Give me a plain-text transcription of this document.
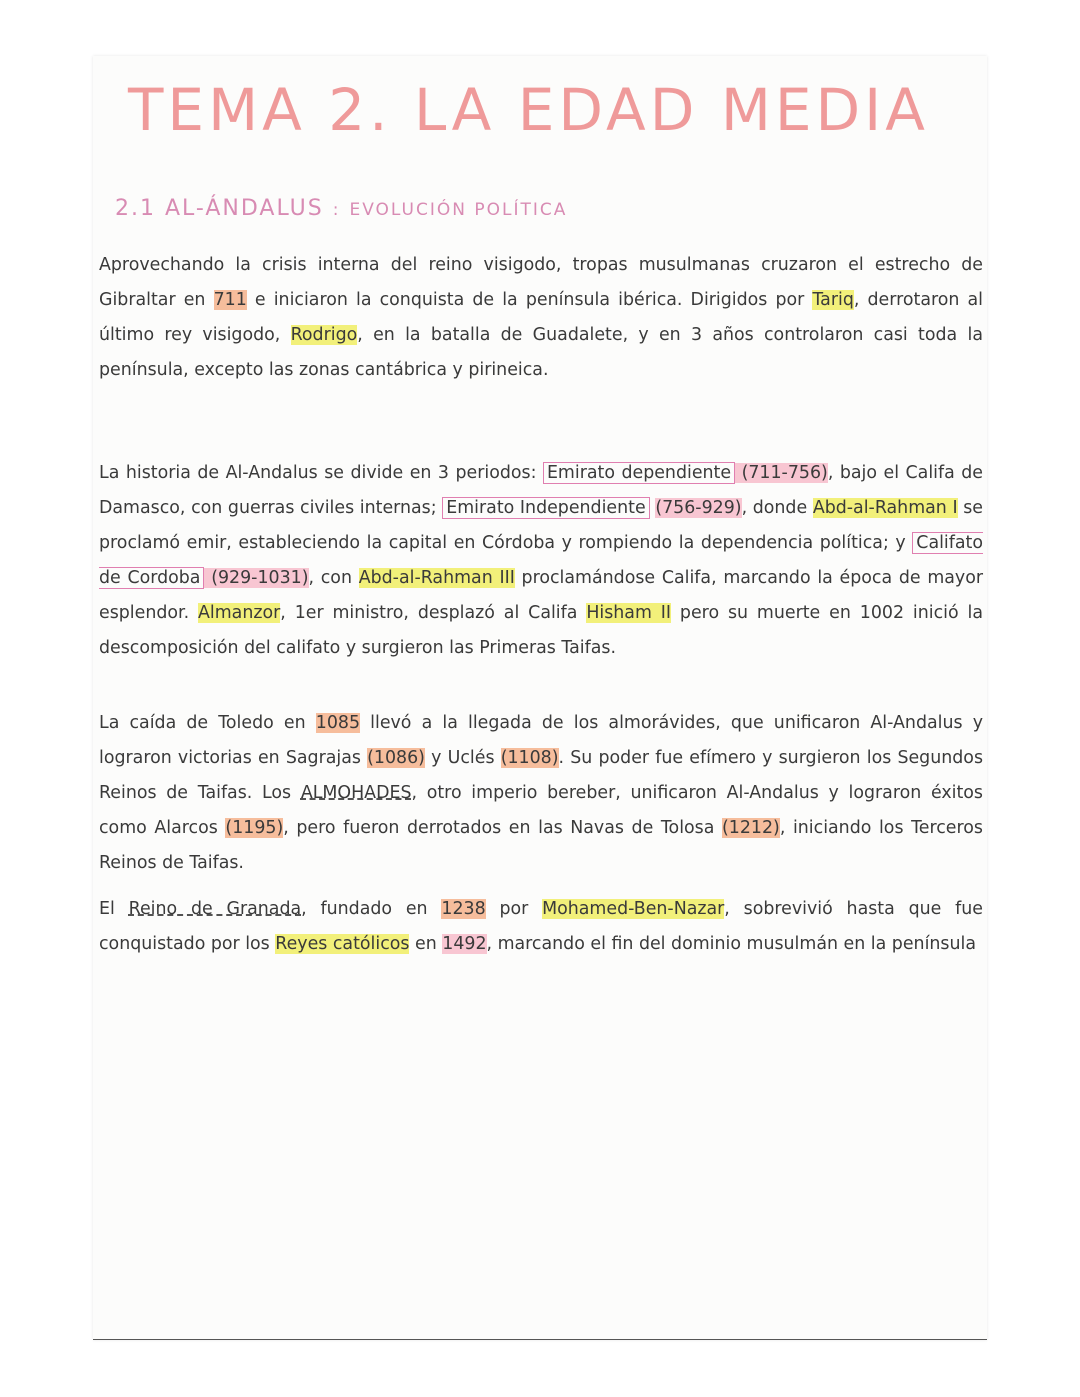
TEMA 2. LA EDAD MEDIA
2.1 AL-ÁNDALUS : EVOLUCIÓN POLÍTICA
Aprovechando la crisis interna del reino visigodo, tropas musulmanas cruzaron el estrecho de Gibraltar en 711 e iniciaron la conquista de la península ibérica. Dirigidos por Tariq, derrotaron al último rey visigodo, Rodrigo, en la batalla de Guadalete, y en 3 años controlaron casi toda la península, excepto las zonas cantábrica y pirineica.
La historia de Al-Andalus se divide en 3 periodos: Emirato dependiente (711-756), bajo el Califa de Damasco, con guerras civiles internas; Emirato Independiente (756-929), donde Abd-al-Rahman I se proclamó emir, estableciendo la capital en Córdoba y rompiendo la dependencia política; y Califato de Cordoba (929-1031), con Abd-al-Rahman III proclamándose Califa, marcando la época de mayor esplendor. Almanzor, 1er ministro, desplazó al Califa Hisham II pero su muerte en 1002 inició la descomposición del califato y surgieron las Primeras Taifas.
La caída de Toledo en 1085 llevó a la llegada de los almorávides, que unificaron Al-Andalus y lograron victorias en Sagrajas (1086) y Uclés (1108). Su poder fue efímero y surgieron los Segundos Reinos de Taifas. Los ALMOHADES, otro imperio bereber, unificaron Al-Andalus y lograron éxitos como Alarcos (1195), pero fueron derrotados en las Navas de Tolosa (1212), iniciando los Terceros Reinos de Taifas.
El Reino de Granada, fundado en 1238 por Mohamed-Ben-Nazar, sobrevivió hasta que fue conquistado por los Reyes católicos en 1492, marcando el fin del dominio musulmán en la península
